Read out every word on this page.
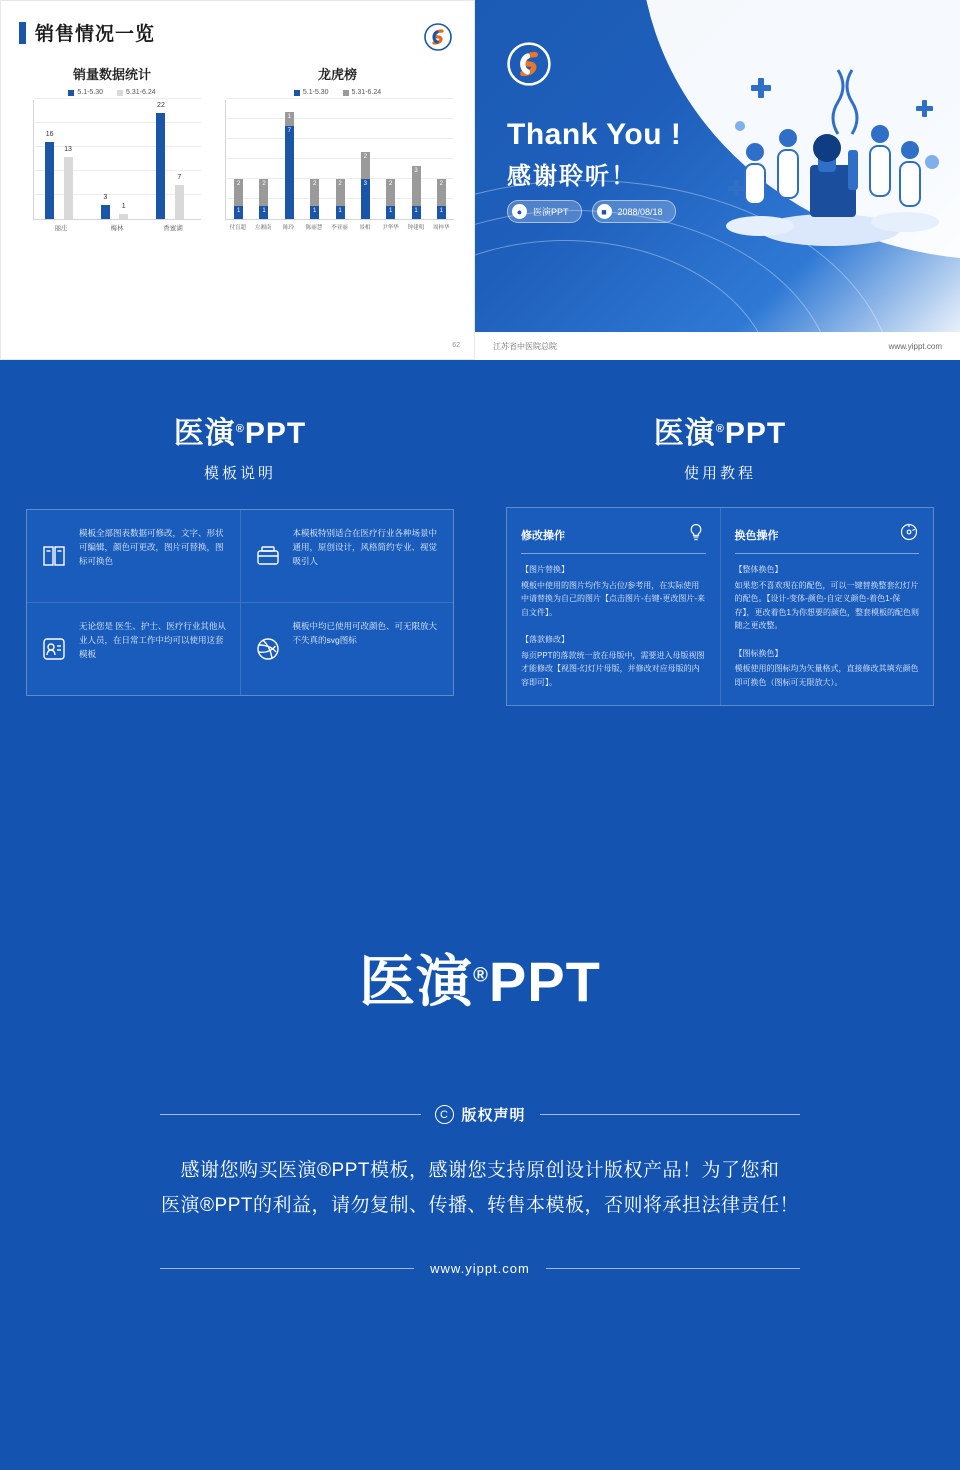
销售情况一览
销量数据统计
5.1-5.30	5.31-6.24
16
13
3
1
22
7
丽庄	梅林	香蜜湖
龙虎榜
5.1-5.30	5.31-6.24
1
2
1
2
7
1
1
2
1
2	3
2
1
2
1
3
1
2
付盲超	左湘南	陈玲	陈丽慧	李亚丽	景相	尹华华	钟建明	周梓华
62
Thank You !
感谢聆听！
●	医演PPT	■	2088/08/18
江苏省中医院总院	www.yippt.com
医演®PPT
模板说明
模板全部图表数据可修改，文字、形状可编辑，颜色可更改，图片可替换，图标可换色
本模板特别适合在医疗行业各种场景中通用，原创设计，风格简约专业、视觉吸引人
无论您是 医生、护士、医疗行业其他从业人员，在日常工作中均可以使用这套模板
模板中均已使用可改颜色、可无限放大不失真的svg图标
医演®PPT
使用教程
修改操作
【图片替换】
模板中使用的图片均作为占位/参考用，在实际使用中请替换为自己的图片【点击图片-右键-更改图片-来自文件】。

【落款修改】
每页PPT的落款统一放在母版中，需要进入母版视图才能修改【视图-幻灯片母版，并修改对应母版的内容即可】。
换色操作
【整体换色】
如果您不喜欢现在的配色，可以一键替换整套幻灯片的配色。【设计-变体-颜色-自定义颜色-着色1-保存】，更改着色1为你想要的颜色，整套模板的配色则随之更改整。

【图标换色】
模板使用的图标均为矢量格式，直接修改其填充颜色即可换色（图标可无限放大）。
医演®PPT
C 版权声明
感谢您购买医演®PPT模板，感谢您支持原创设计版权产品！为了您和
医演®PPT的利益，请勿复制、传播、转售本模板，否则将承担法律责任！
www.yippt.com
